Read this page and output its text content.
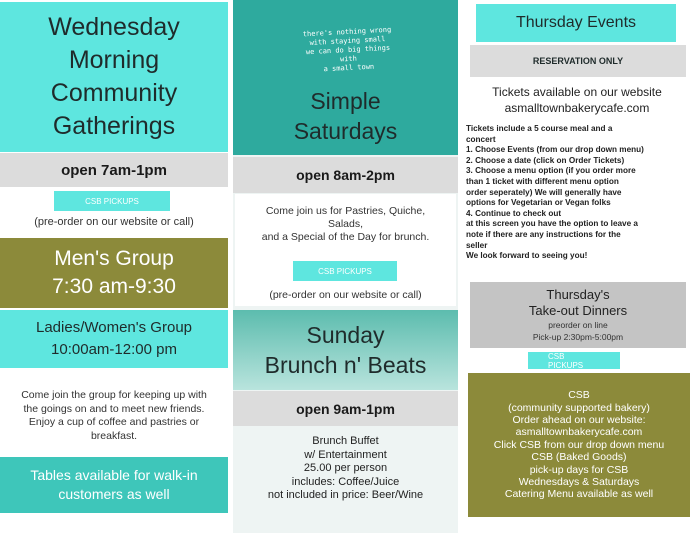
Wednesday
Morning
Community
Gatherings
open 7am-1pm
CSB PICKUPS
(pre-order on our website or call)
Men's Group
7:30 am-9:30
Ladies/Women's Group
10:00am-12:00 pm
Come join the group for keeping up with
the goings on and to meet new friends.
Enjoy a cup of coffee and pastries or
breakfast.
Tables available for walk-in
customers as well
there's nothing wrong
with staying small
we can do big things
with
a small town
Simple
Saturdays
open 8am-2pm
Come join us for Pastries, Quiche,
Salads,
and a Special of the Day for brunch.
CSB PICKUPS
(pre-order on our website or call)
Sunday
Brunch n' Beats
open 9am-1pm
Brunch Buffet
w/ Entertainment
25.00 per person
includes: Coffee/Juice
not included in price: Beer/Wine
Thursday Events
RESERVATION ONLY
Tickets available on our website
asmalltownbakerycafe.com
Tickets include a 5 course meal and a
concert
1. Choose Events (from our drop down menu)
2. Choose a date (click on Order Tickets)
3. Choose a menu option (if you order more
than 1 ticket with different menu option
order seperately) We will generally have
options for Vegetarian or Vegan folks
4. Continue to check out
at this screen you have the option to leave a
note if there are any instructions for the
seller
We look forward to seeing you!
Thursday's
Take-out Dinners
preorder on line
Pick-up 2:30pm-5:00pm
CSB PICKUPS
CSB
(community supported bakery)
Order ahead on our website:
asmalltownbakerycafe.com
Click CSB from our drop down menu
CSB (Baked Goods)
pick-up days for CSB
Wednesdays & Saturdays
Catering Menu available as well
